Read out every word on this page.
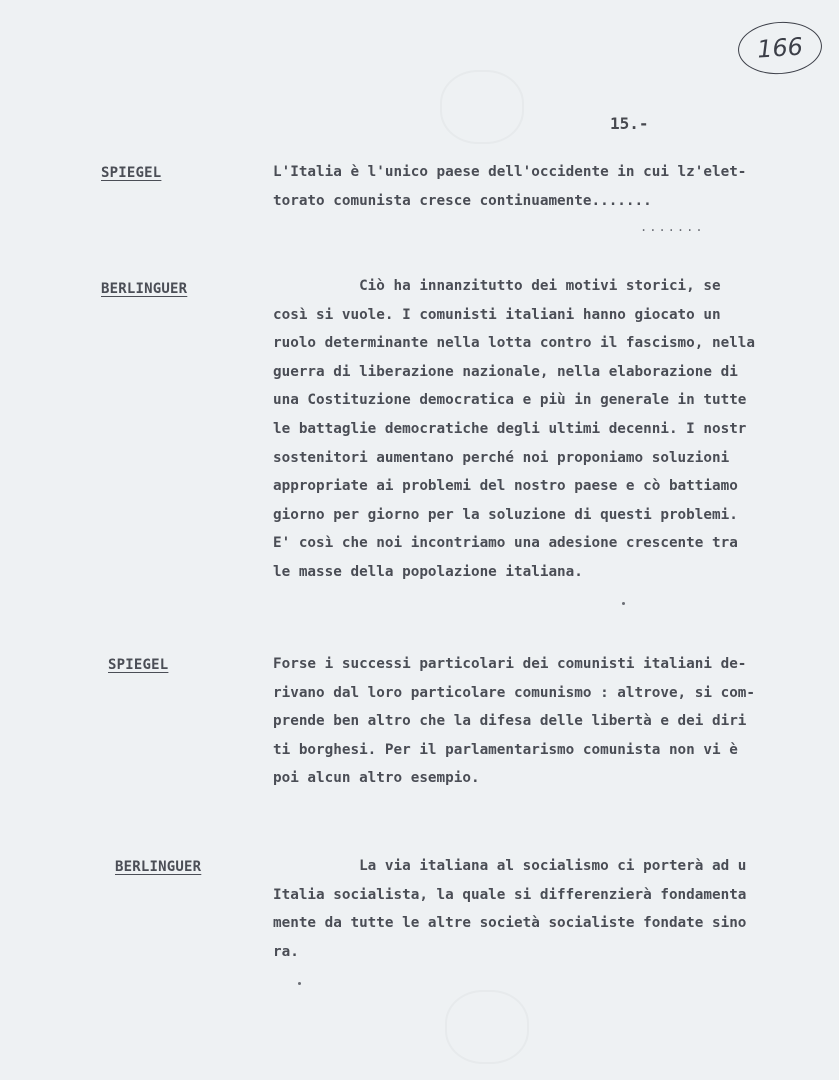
166
15.-
SPIEGEL	L'Italia è l'unico paese dell'occidente in cui lz'elet-
torato comunista cresce continuamente.......

.......
BERLINGUER	Ciò ha innanzitutto dei motivi storici, se
così si vuole. I comunisti italiani hanno giocato un
ruolo determinante nella lotta contro il fascismo, nella
guerra di liberazione nazionale, nella elaborazione di
una Costituzione democratica e più in generale in tutte
le battaglie democratiche degli ultimi decenni. I nostr
sostenitori aumentano perché noi proponiamo soluzioni
appropriate ai problemi del nostro paese e cò battiamo
giorno per giorno per la soluzione di questi problemi.
E' così che noi incontriamo una adesione crescente tra
le masse della popolazione italiana.

SPIEGEL	Forse i successi particolari dei comunisti italiani de-
rivano dal loro particolare comunismo : altrove, si com-
prende ben altro che la difesa delle libertà e dei diri
ti borghesi. Per il parlamentarismo comunista non vi è
poi alcun altro esempio.

BERLINGUER	La via italiana al socialismo ci porterà ad u
Italia socialista, la quale si differenzierà fondamenta
mente da tutte le altre società socialiste fondate sino
ra.
